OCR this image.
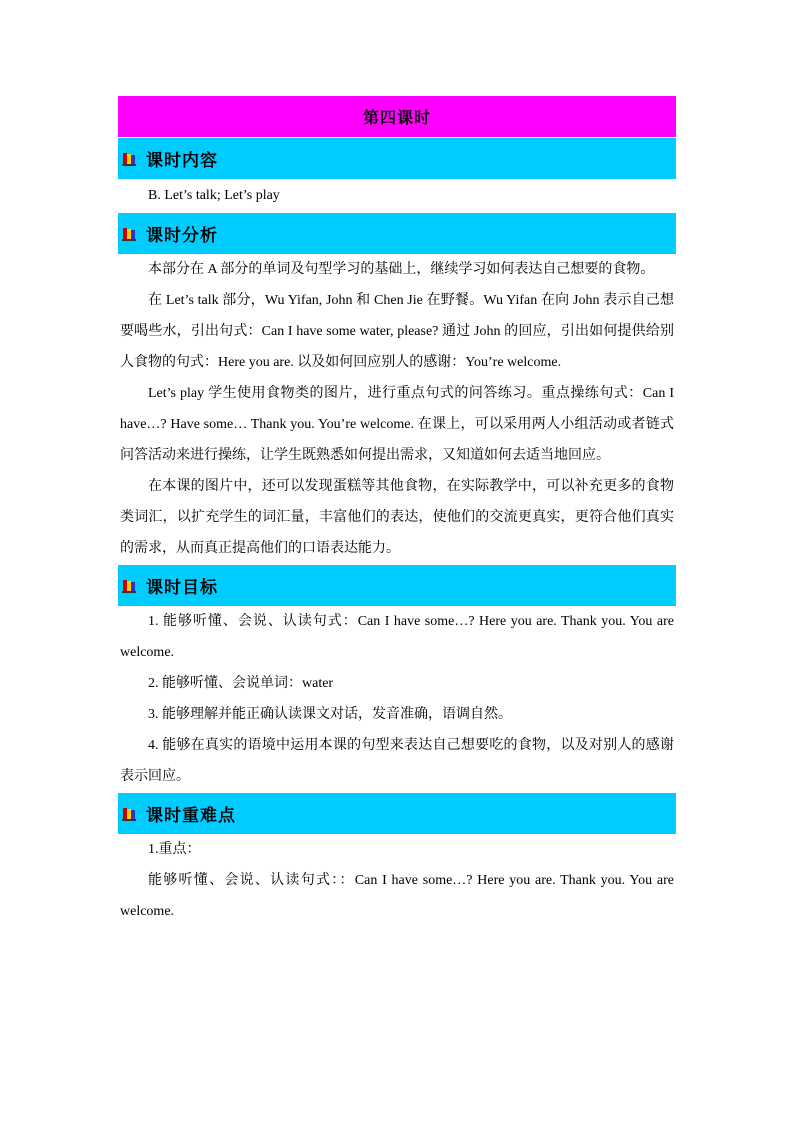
第四课时
课时内容

B. Let’s talk; Let’s play

课时分析

本部分在 A 部分的单词及句型学习的基础上，继续学习如何表达自己想要的食物。

在 Let’s talk 部分，Wu Yifan, John 和 Chen Jie 在野餐。Wu Yifan 在向 John 表示自己想要喝些水，引出句式：Can I have some water, please? 通过 John 的回应，引出如何提供给别人食物的句式：Here you are. 以及如何回应别人的感谢：You’re welcome.

Let’s play 学生使用食物类的图片，进行重点句式的问答练习。重点操练句式：Can I have…? Have some… Thank you. You’re welcome. 在课上，可以采用两人小组活动或者链式问答活动来进行操练，让学生既熟悉如何提出需求，又知道如何去适当地回应。

在本课的图片中，还可以发现蛋糕等其他食物，在实际教学中，可以补充更多的食物类词汇，以扩充学生的词汇量，丰富他们的表达，使他们的交流更真实，更符合他们真实的需求，从而真正提高他们的口语表达能力。

课时目标

1. 能够听懂、会说、认读句式：Can I have some…? Here you are. Thank you. You are welcome.

2. 能够听懂、会说单词：water

3. 能够理解并能正确认读课文对话，发音准确，语调自然。

4. 能够在真实的语境中运用本课的句型来表达自己想要吃的食物，以及对别人的感谢表示回应。

课时重难点

1.重点：

能够听懂、会说、认读句式：：Can I have some…? Here you are. Thank you. You are welcome.
